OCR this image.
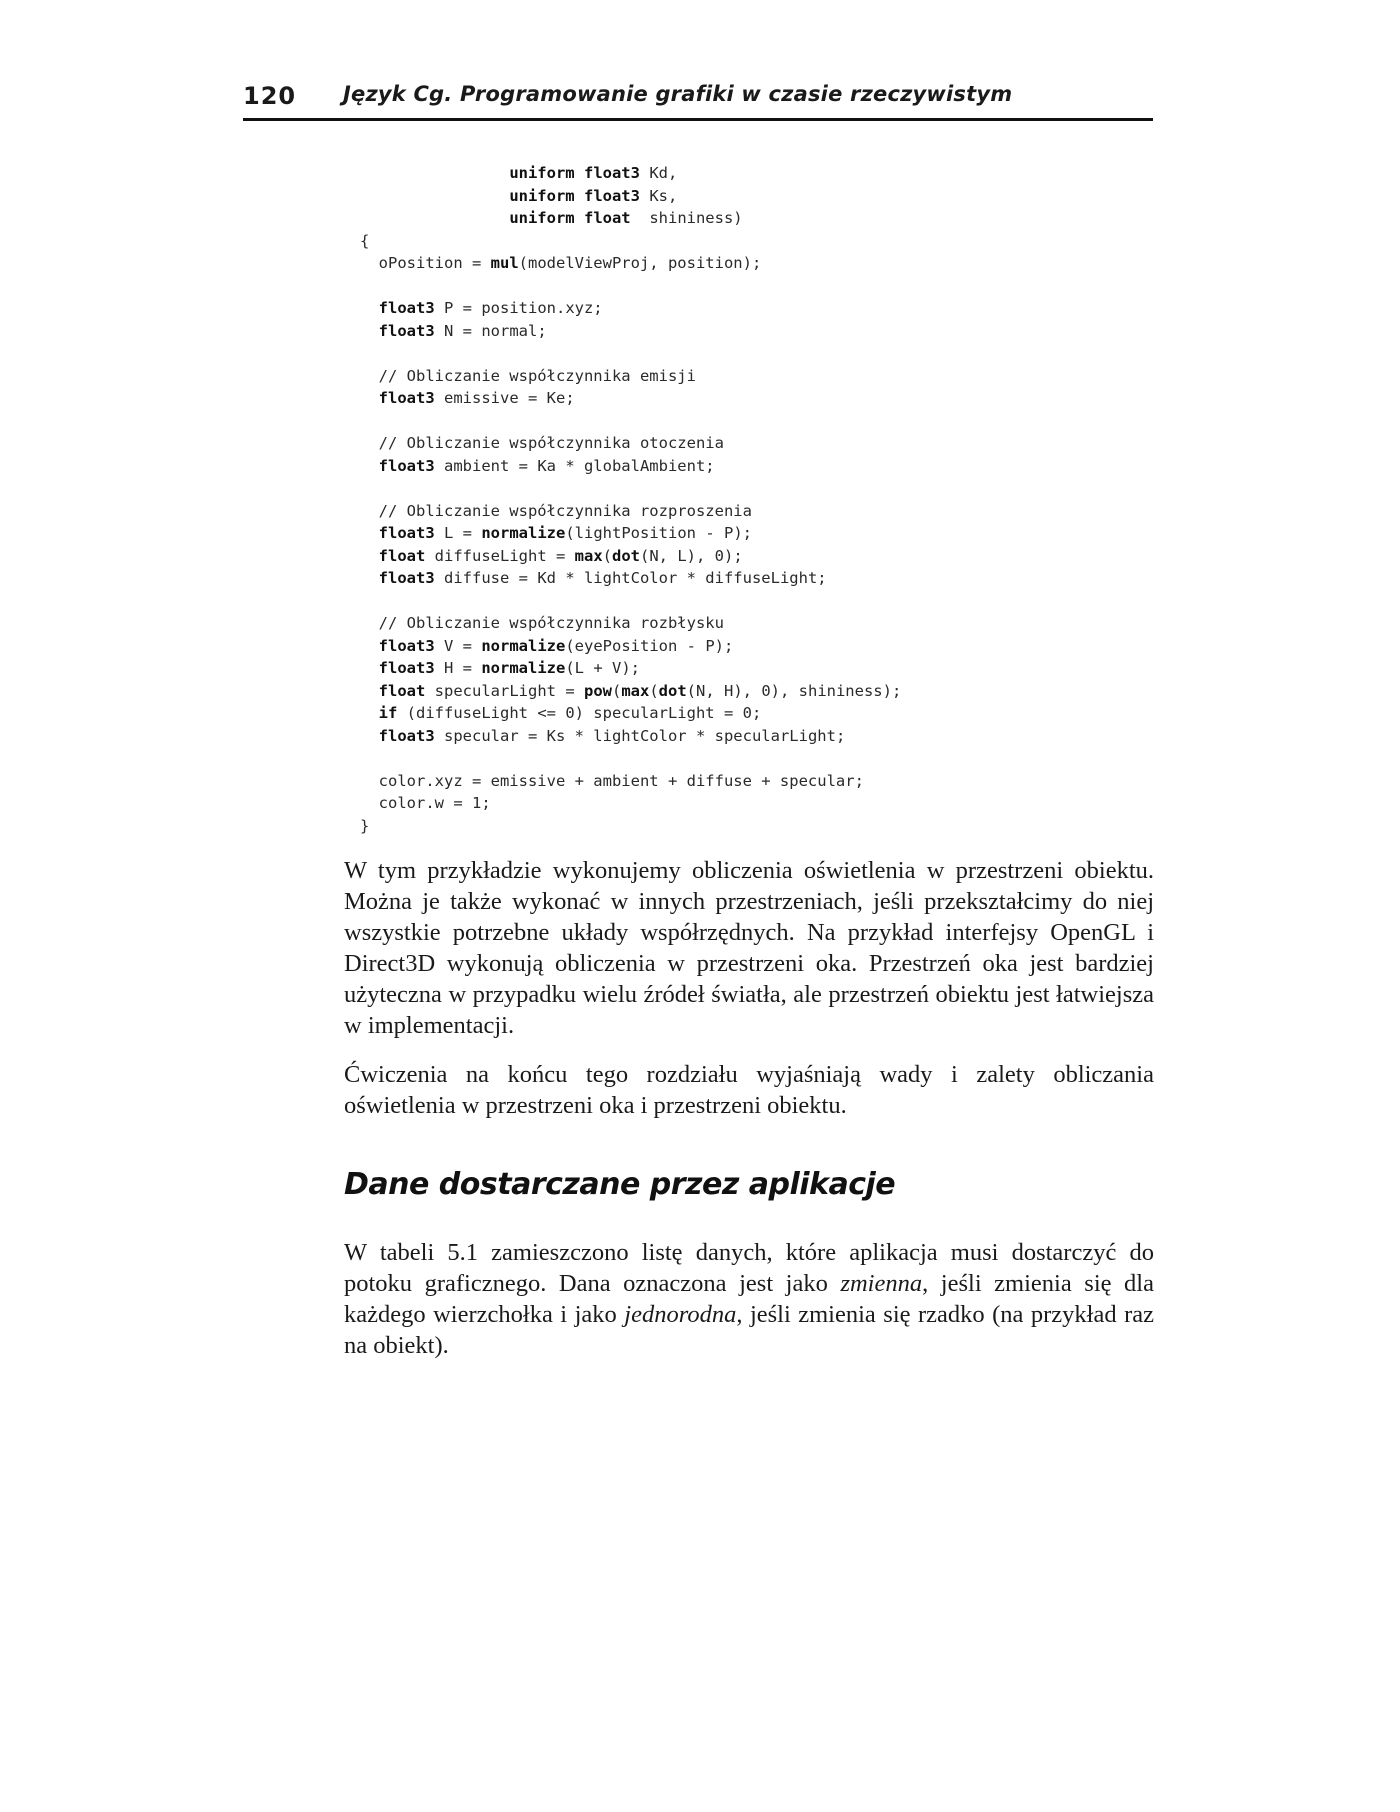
120 Język Cg. Programowanie grafiki w czasie rzeczywistym
uniform float3 Kd,
uniform float3 Ks,
uniform float  shininess)
{
oPosition = mul(modelViewProj, position);

float3 P = position.xyz;
float3 N = normal;

// Obliczanie współczynnika emisji
float3 emissive = Ke;

// Obliczanie współczynnika otoczenia
float3 ambient = Ka * globalAmbient;

// Obliczanie współczynnika rozproszenia
float3 L = normalize(lightPosition - P);
float diffuseLight = max(dot(N, L), 0);
float3 diffuse = Kd * lightColor * diffuseLight;

// Obliczanie współczynnika rozbłysku
float3 V = normalize(eyePosition - P);
float3 H = normalize(L + V);
float specularLight = pow(max(dot(N, H), 0), shininess);
if (diffuseLight <= 0) specularLight = 0;
float3 specular = Ks * lightColor * specularLight;

color.xyz = emissive + ambient + diffuse + specular;
color.w = 1;
}

W tym przykładzie wykonujemy obliczenia oświetlenia w przestrzeni obiektu. Można je także wykonać w innych przestrzeniach, jeśli przekształcimy do niej wszystkie potrzebne układy współrzędnych. Na przykład interfejsy OpenGL i Direct3D wykonują obliczenia w przestrzeni oka. Przestrzeń oka jest bardziej użyteczna w przypadku wielu źródeł światła, ale przestrzeń obiektu jest łatwiejsza w implementacji.

Ćwiczenia na końcu tego rozdziału wyjaśniają wady i zalety obliczania oświetlenia w przestrzeni oka i przestrzeni obiektu.

Dane dostarczane przez aplikacje

W tabeli 5.1 zamieszczono listę danych, które aplikacja musi dostarczyć do potoku graficznego. Dana oznaczona jest jako zmienna, jeśli zmienia się dla każdego wierzchołka i jako jednorodna, jeśli zmienia się rzadko (na przykład raz na obiekt).
